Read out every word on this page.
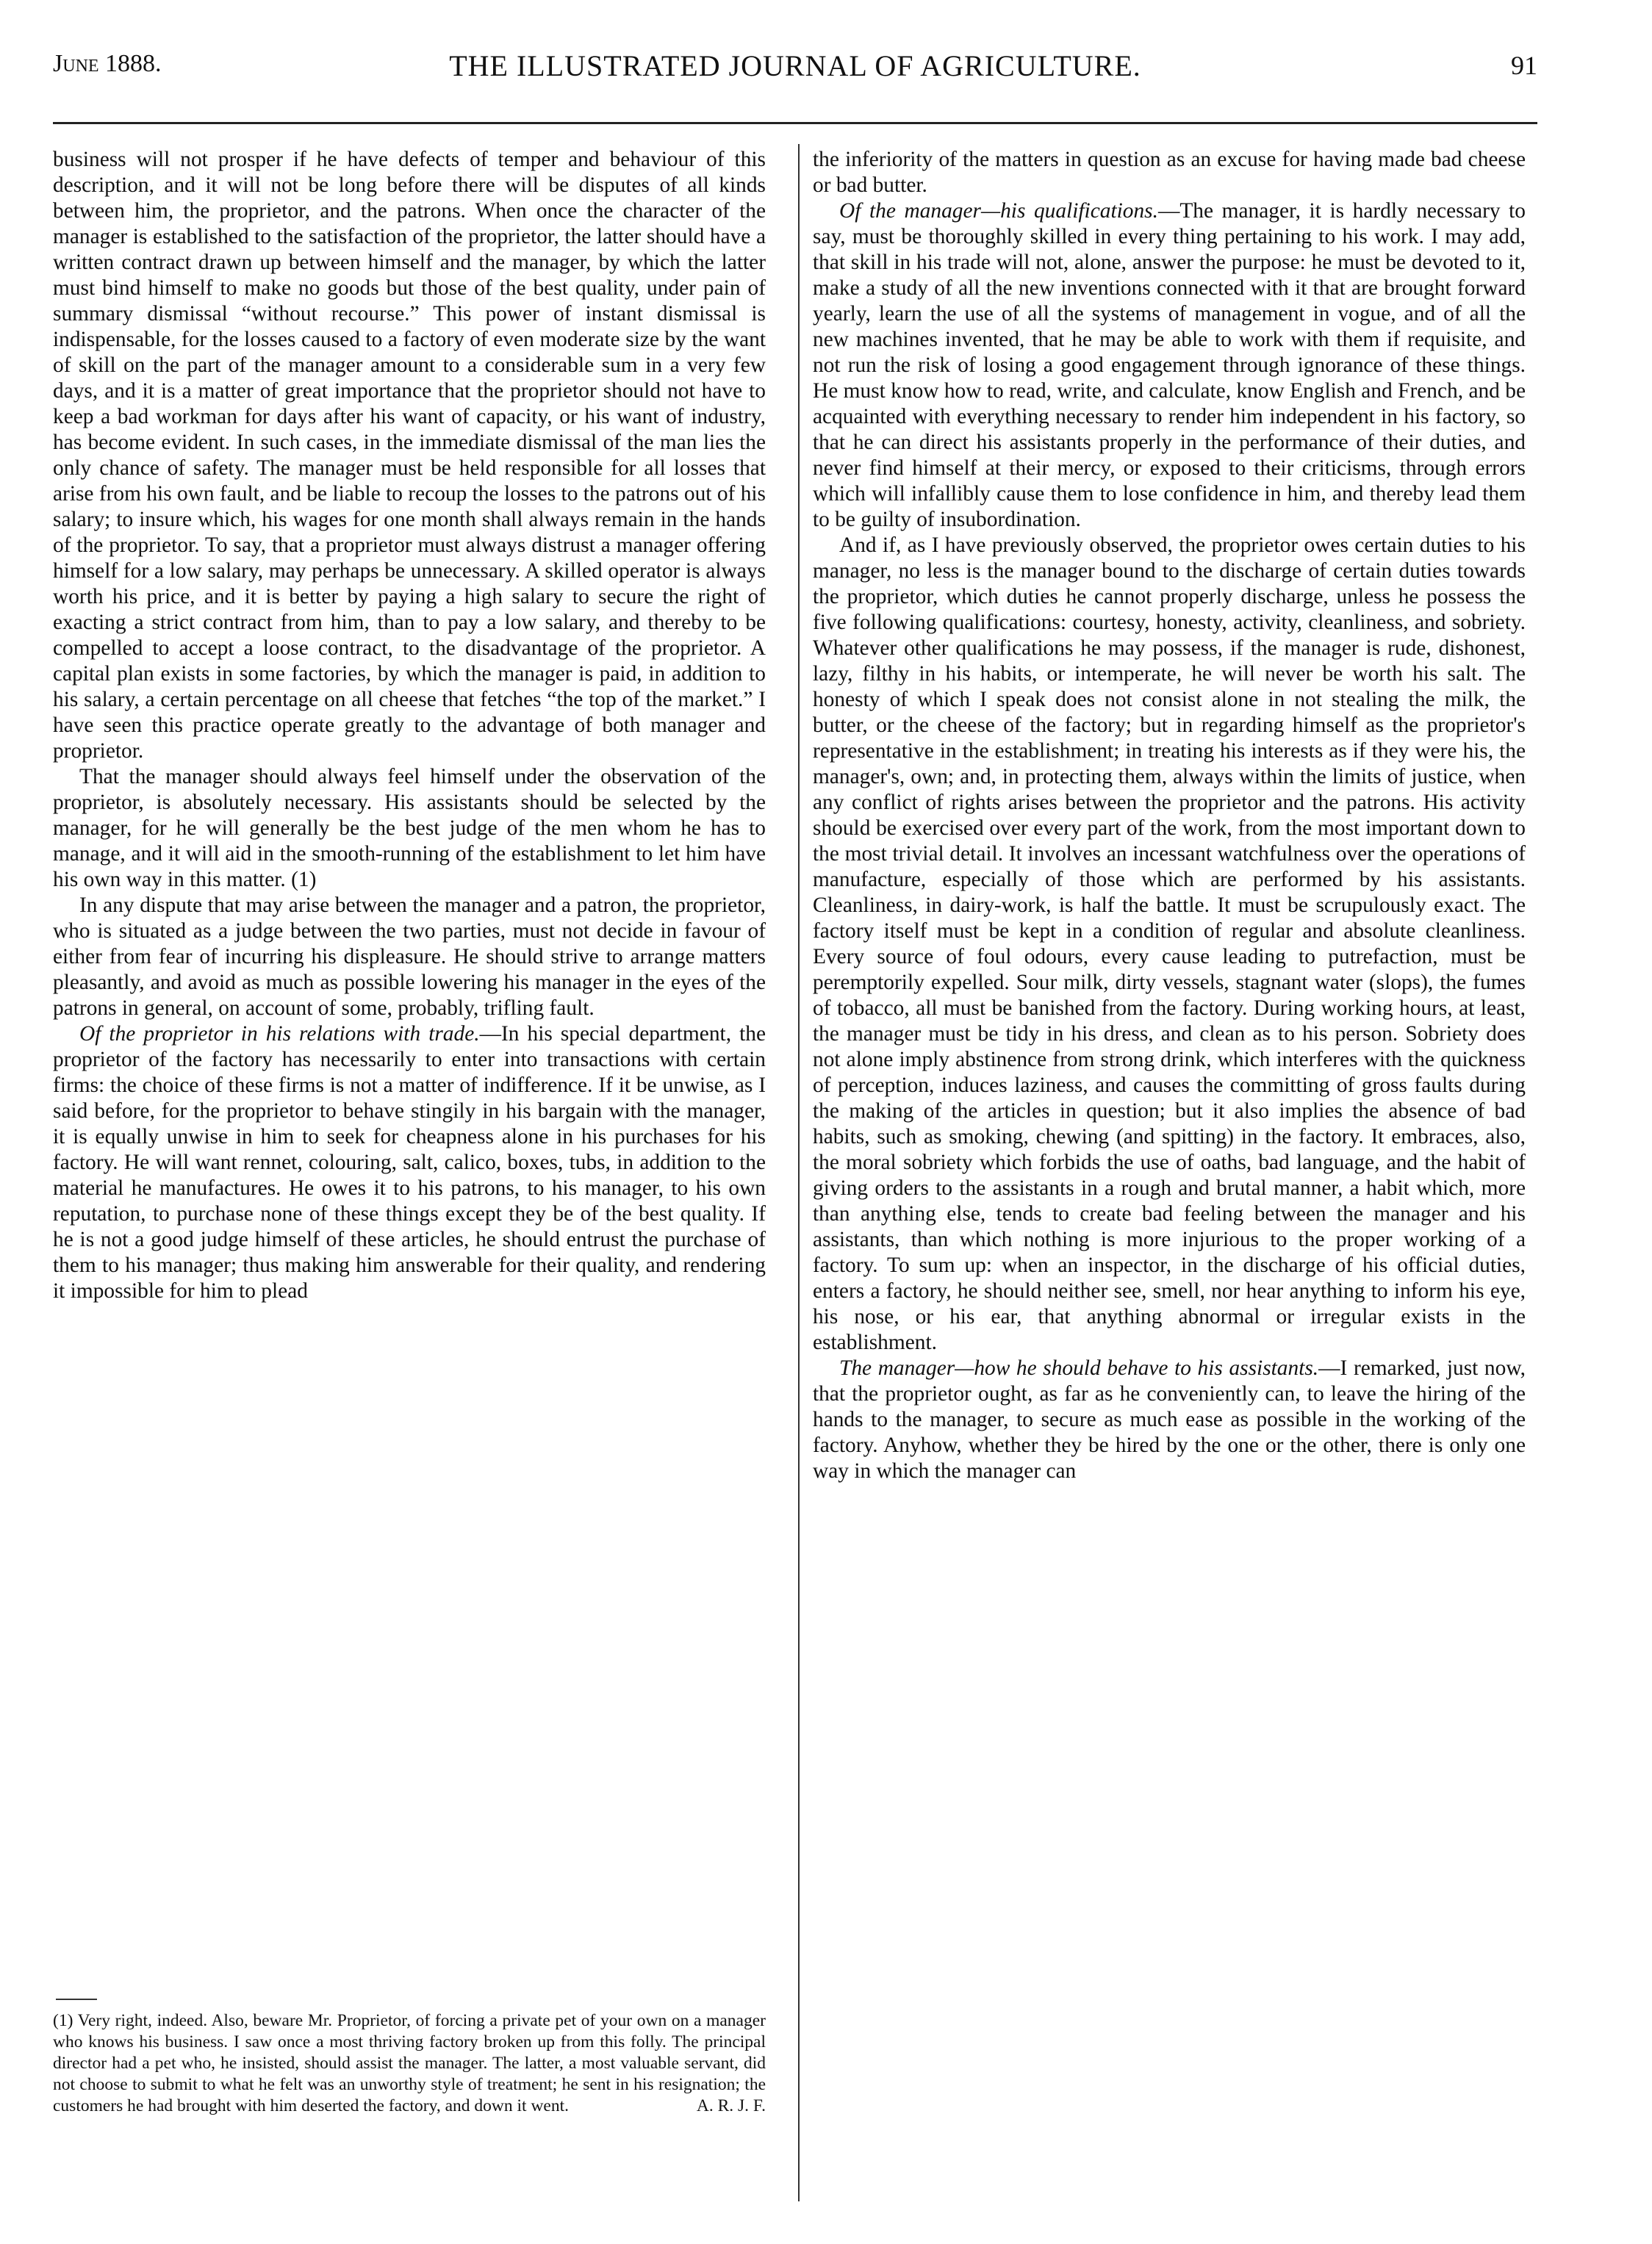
June 1888.	THE ILLUSTRATED JOURNAL OF AGRICULTURE.	91

business will not prosper if he have defects of temper and behaviour of this description, and it will not be long before there will be disputes of all kinds between him, the proprietor, and the patrons. When once the character of the manager is established to the satisfaction of the proprietor, the latter should have a written contract drawn up between himself and the manager, by which the latter must bind himself to make no goods but those of the best quality, under pain of summary dismissal “without recourse.” This power of instant dismissal is indispensable, for the losses caused to a factory of even moderate size by the want of skill on the part of the manager amount to a considerable sum in a very few days, and it is a matter of great importance that the proprietor should not have to keep a bad workman for days after his want of capacity, or his want of industry, has become evident. In such cases, in the immediate dismissal of the man lies the only chance of safety. The manager must be held responsible for all losses that arise from his own fault, and be liable to recoup the losses to the patrons out of his salary; to insure which, his wages for one month shall always remain in the hands of the proprietor. To say, that a proprietor must always distrust a manager offering himself for a low salary, may perhaps be unnecessary. A skilled operator is always worth his price, and it is better by paying a high salary to secure the right of exacting a strict contract from him, than to pay a low salary, and thereby to be compelled to accept a loose contract, to the disadvantage of the proprietor. A capital plan exists in some factories, by which the manager is paid, in addition to his salary, a certain percentage on all cheese that fetches “the top of the market.” I have seen this practice operate greatly to the advantage of both manager and proprietor.

That the manager should always feel himself under the observation of the proprietor, is absolutely necessary. His assistants should be selected by the manager, for he will generally be the best judge of the men whom he has to manage, and it will aid in the smooth-running of the establishment to let him have his own way in this matter. (1)

In any dispute that may arise between the manager and a patron, the proprietor, who is situated as a judge between the two parties, must not decide in favour of either from fear of incurring his displeasure. He should strive to arrange matters pleasantly, and avoid as much as possible lowering his manager in the eyes of the patrons in general, on account of some, probably, trifling fault.

Of the proprietor in his relations with trade.—In his special department, the proprietor of the factory has necessarily to enter into transactions with certain firms: the choice of these firms is not a matter of indifference. If it be unwise, as I said before, for the proprietor to behave stingily in his bargain with the manager, it is equally unwise in him to seek for cheapness alone in his purchases for his factory. He will want rennet, colouring, salt, calico, boxes, tubs, in addition to the material he manufactures. He owes it to his patrons, to his manager, to his own reputation, to purchase none of these things except they be of the best quality. If he is not a good judge himself of these articles, he should entrust the purchase of them to his manager; thus making him answerable for their quality, and rendering it impossible for him to plead

(1) Very right, indeed. Also, beware Mr. Proprietor, of forcing a private pet of your own on a manager who knows his business. I saw once a most thriving factory broken up from this folly. The principal director had a pet who, he insisted, should assist the manager. The latter, a most valuable servant, did not choose to submit to what he felt was an unworthy style of treatment; he sent in his resignation; the customers he had brought with him deserted the factory, and down it went.	A. R. J. F.

the inferiority of the matters in question as an excuse for having made bad cheese or bad butter.

Of the manager—his qualifications.—The manager, it is hardly necessary to say, must be thoroughly skilled in every thing pertaining to his work. I may add, that skill in his trade will not, alone, answer the purpose: he must be devoted to it, make a study of all the new inventions connected with it that are brought forward yearly, learn the use of all the systems of management in vogue, and of all the new machines invented, that he may be able to work with them if requisite, and not run the risk of losing a good engagement through ignorance of these things. He must know how to read, write, and calculate, know English and French, and be acquainted with everything necessary to render him independent in his factory, so that he can direct his assistants properly in the performance of their duties, and never find himself at their mercy, or exposed to their criticisms, through errors which will infallibly cause them to lose confidence in him, and thereby lead them to be guilty of insubordination.

And if, as I have previously observed, the proprietor owes certain duties to his manager, no less is the manager bound to the discharge of certain duties towards the proprietor, which duties he cannot properly discharge, unless he possess the five following qualifications: courtesy, honesty, activity, cleanliness, and sobriety. Whatever other qualifications he may possess, if the manager is rude, dishonest, lazy, filthy in his habits, or intemperate, he will never be worth his salt. The honesty of which I speak does not consist alone in not stealing the milk, the butter, or the cheese of the factory; but in regarding himself as the proprietor's representative in the establishment; in treating his interests as if they were his, the manager's, own; and, in protecting them, always within the limits of justice, when any conflict of rights arises between the proprietor and the patrons. His activity should be exercised over every part of the work, from the most important down to the most trivial detail. It involves an incessant watchfulness over the operations of manufacture, especially of those which are performed by his assistants. Cleanliness, in dairy-work, is half the battle. It must be scrupulously exact. The factory itself must be kept in a condition of regular and absolute cleanliness. Every source of foul odours, every cause leading to putrefaction, must be peremptorily expelled. Sour milk, dirty vessels, stagnant water (slops), the fumes of tobacco, all must be banished from the factory. During working hours, at least, the manager must be tidy in his dress, and clean as to his person. Sobriety does not alone imply abstinence from strong drink, which interferes with the quickness of perception, induces laziness, and causes the committing of gross faults during the making of the articles in question; but it also implies the absence of bad habits, such as smoking, chewing (and spitting) in the factory. It embraces, also, the moral sobriety which forbids the use of oaths, bad language, and the habit of giving orders to the assistants in a rough and brutal manner, a habit which, more than anything else, tends to create bad feeling between the manager and his assistants, than which nothing is more injurious to the proper working of a factory. To sum up: when an inspector, in the discharge of his official duties, enters a factory, he should neither see, smell, nor hear anything to inform his eye, his nose, or his ear, that anything abnormal or irregular exists in the establishment.

The manager—how he should behave to his assistants.—I remarked, just now, that the proprietor ought, as far as he conveniently can, to leave the hiring of the hands to the manager, to secure as much ease as possible in the working of the factory. Anyhow, whether they be hired by the one or the other, there is only one way in which the manager can
